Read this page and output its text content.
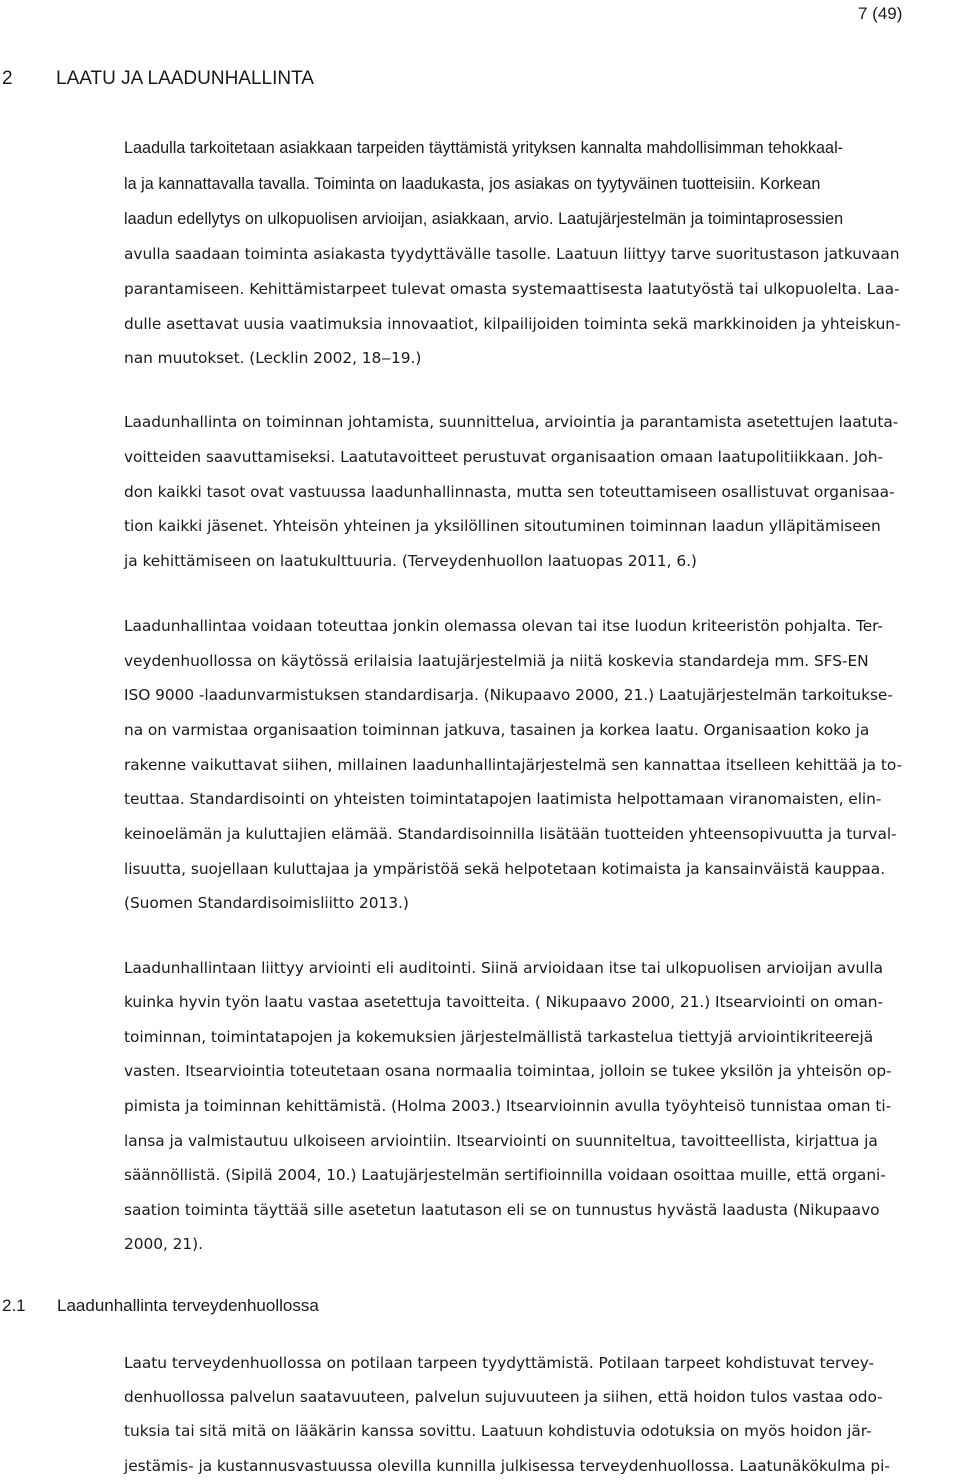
7 (49)
2 LAATU JA LAADUNHALLINTA
Laadulla tarkoitetaan asiakkaan tarpeiden täyttämistä yrityksen kannalta mahdollisimman tehokkaal-
la ja kannattavalla tavalla. Toiminta on laadukasta, jos asiakas on tyytyväinen tuotteisiin. Korkean
laadun edellytys on ulkopuolisen arvioijan, asiakkaan, arvio. Laatujärjestelmän ja toimintaprosessien
avulla saadaan toiminta asiakasta tyydyttävälle tasolle. Laatuun liittyy tarve suoritustason jatkuvaan
parantamiseen. Kehittämistarpeet tulevat omasta systemaattisesta laatutyöstä tai ulkopuolelta. Laa-
dulle asettavat uusia vaatimuksia innovaatiot, kilpailijoiden toiminta sekä markkinoiden ja yhteiskun-
nan muutokset. (Lecklin 2002, 18‒19.)
Laadunhallinta on toiminnan johtamista, suunnittelua, arviointia ja parantamista asetettujen laatuta-
voitteiden saavuttamiseksi. Laatutavoitteet perustuvat organisaation omaan laatupolitiikkaan. Joh-
don kaikki tasot ovat vastuussa laadunhallinnasta, mutta sen toteuttamiseen osallistuvat organisaa-
tion kaikki jäsenet. Yhteisön yhteinen ja yksilöllinen sitoutuminen toiminnan laadun ylläpitämiseen
ja kehittämiseen on laatukulttuuria. (Terveydenhuollon laatuopas 2011, 6.)
Laadunhallintaa voidaan toteuttaa jonkin olemassa olevan tai itse luodun kriteeristön pohjalta. Ter-
veydenhuollossa on käytössä erilaisia laatujärjestelmiä ja niitä koskevia standardeja mm. SFS-EN
ISO 9000 -laadunvarmistuksen standardisarja. (Nikupaavo 2000, 21.) Laatujärjestelmän tarkoitukse-
na on varmistaa organisaation toiminnan jatkuva, tasainen ja korkea laatu. Organisaation koko ja
rakenne vaikuttavat siihen, millainen laadunhallintajärjestelmä sen kannattaa itselleen kehittää ja to-
teuttaa. Standardisointi on yhteisten toimintatapojen laatimista helpottamaan viranomaisten, elin-
keinoelämän ja kuluttajien elämää. Standardisoinnilla lisätään tuotteiden yhteensopivuutta ja turval-
lisuutta, suojellaan kuluttajaa ja ympäristöä sekä helpotetaan kotimaista ja kansainväistä kauppaa.
(Suomen Standardisoimisliitto 2013.)
Laadunhallintaan liittyy arviointi eli auditointi. Siinä arvioidaan itse tai ulkopuolisen arvioijan avulla
kuinka hyvin työn laatu vastaa asetettuja tavoitteita. ( Nikupaavo 2000, 21.) Itsearviointi on oman-
toiminnan, toimintatapojen ja kokemuksien järjestelmällistä tarkastelua tiettyjä arviointikriteerejä
vasten. Itsearviointia toteutetaan osana normaalia toimintaa, jolloin se tukee yksilön ja yhteisön op-
pimista ja toiminnan kehittämistä. (Holma 2003.) Itsearvioinnin avulla työyhteisö tunnistaa oman ti-
lansa ja valmistautuu ulkoiseen arviointiin. Itsearviointi on suunniteltua, tavoitteellista, kirjattua ja
säännöllistä. (Sipilä 2004, 10.) Laatujärjestelmän sertifioinnilla voidaan osoittaa muille, että organi-
saation toiminta täyttää sille asetetun laatutason eli se on tunnustus hyvästä laadusta (Nikupaavo
2000, 21).
2.1 Laadunhallinta terveydenhuollossa
Laatu terveydenhuollossa on potilaan tarpeen tyydyttämistä. Potilaan tarpeet kohdistuvat tervey-
denhuollossa palvelun saatavuuteen, palvelun sujuvuuteen ja siihen, että hoidon tulos vastaa odo-
tuksia tai sitä mitä on lääkärin kanssa sovittu. Laatuun kohdistuvia odotuksia on myös hoidon jär-
jestämis- ja kustannusvastuussa olevilla kunnilla julkisessa terveydenhuollossa. Laatunäkökulma pi-
